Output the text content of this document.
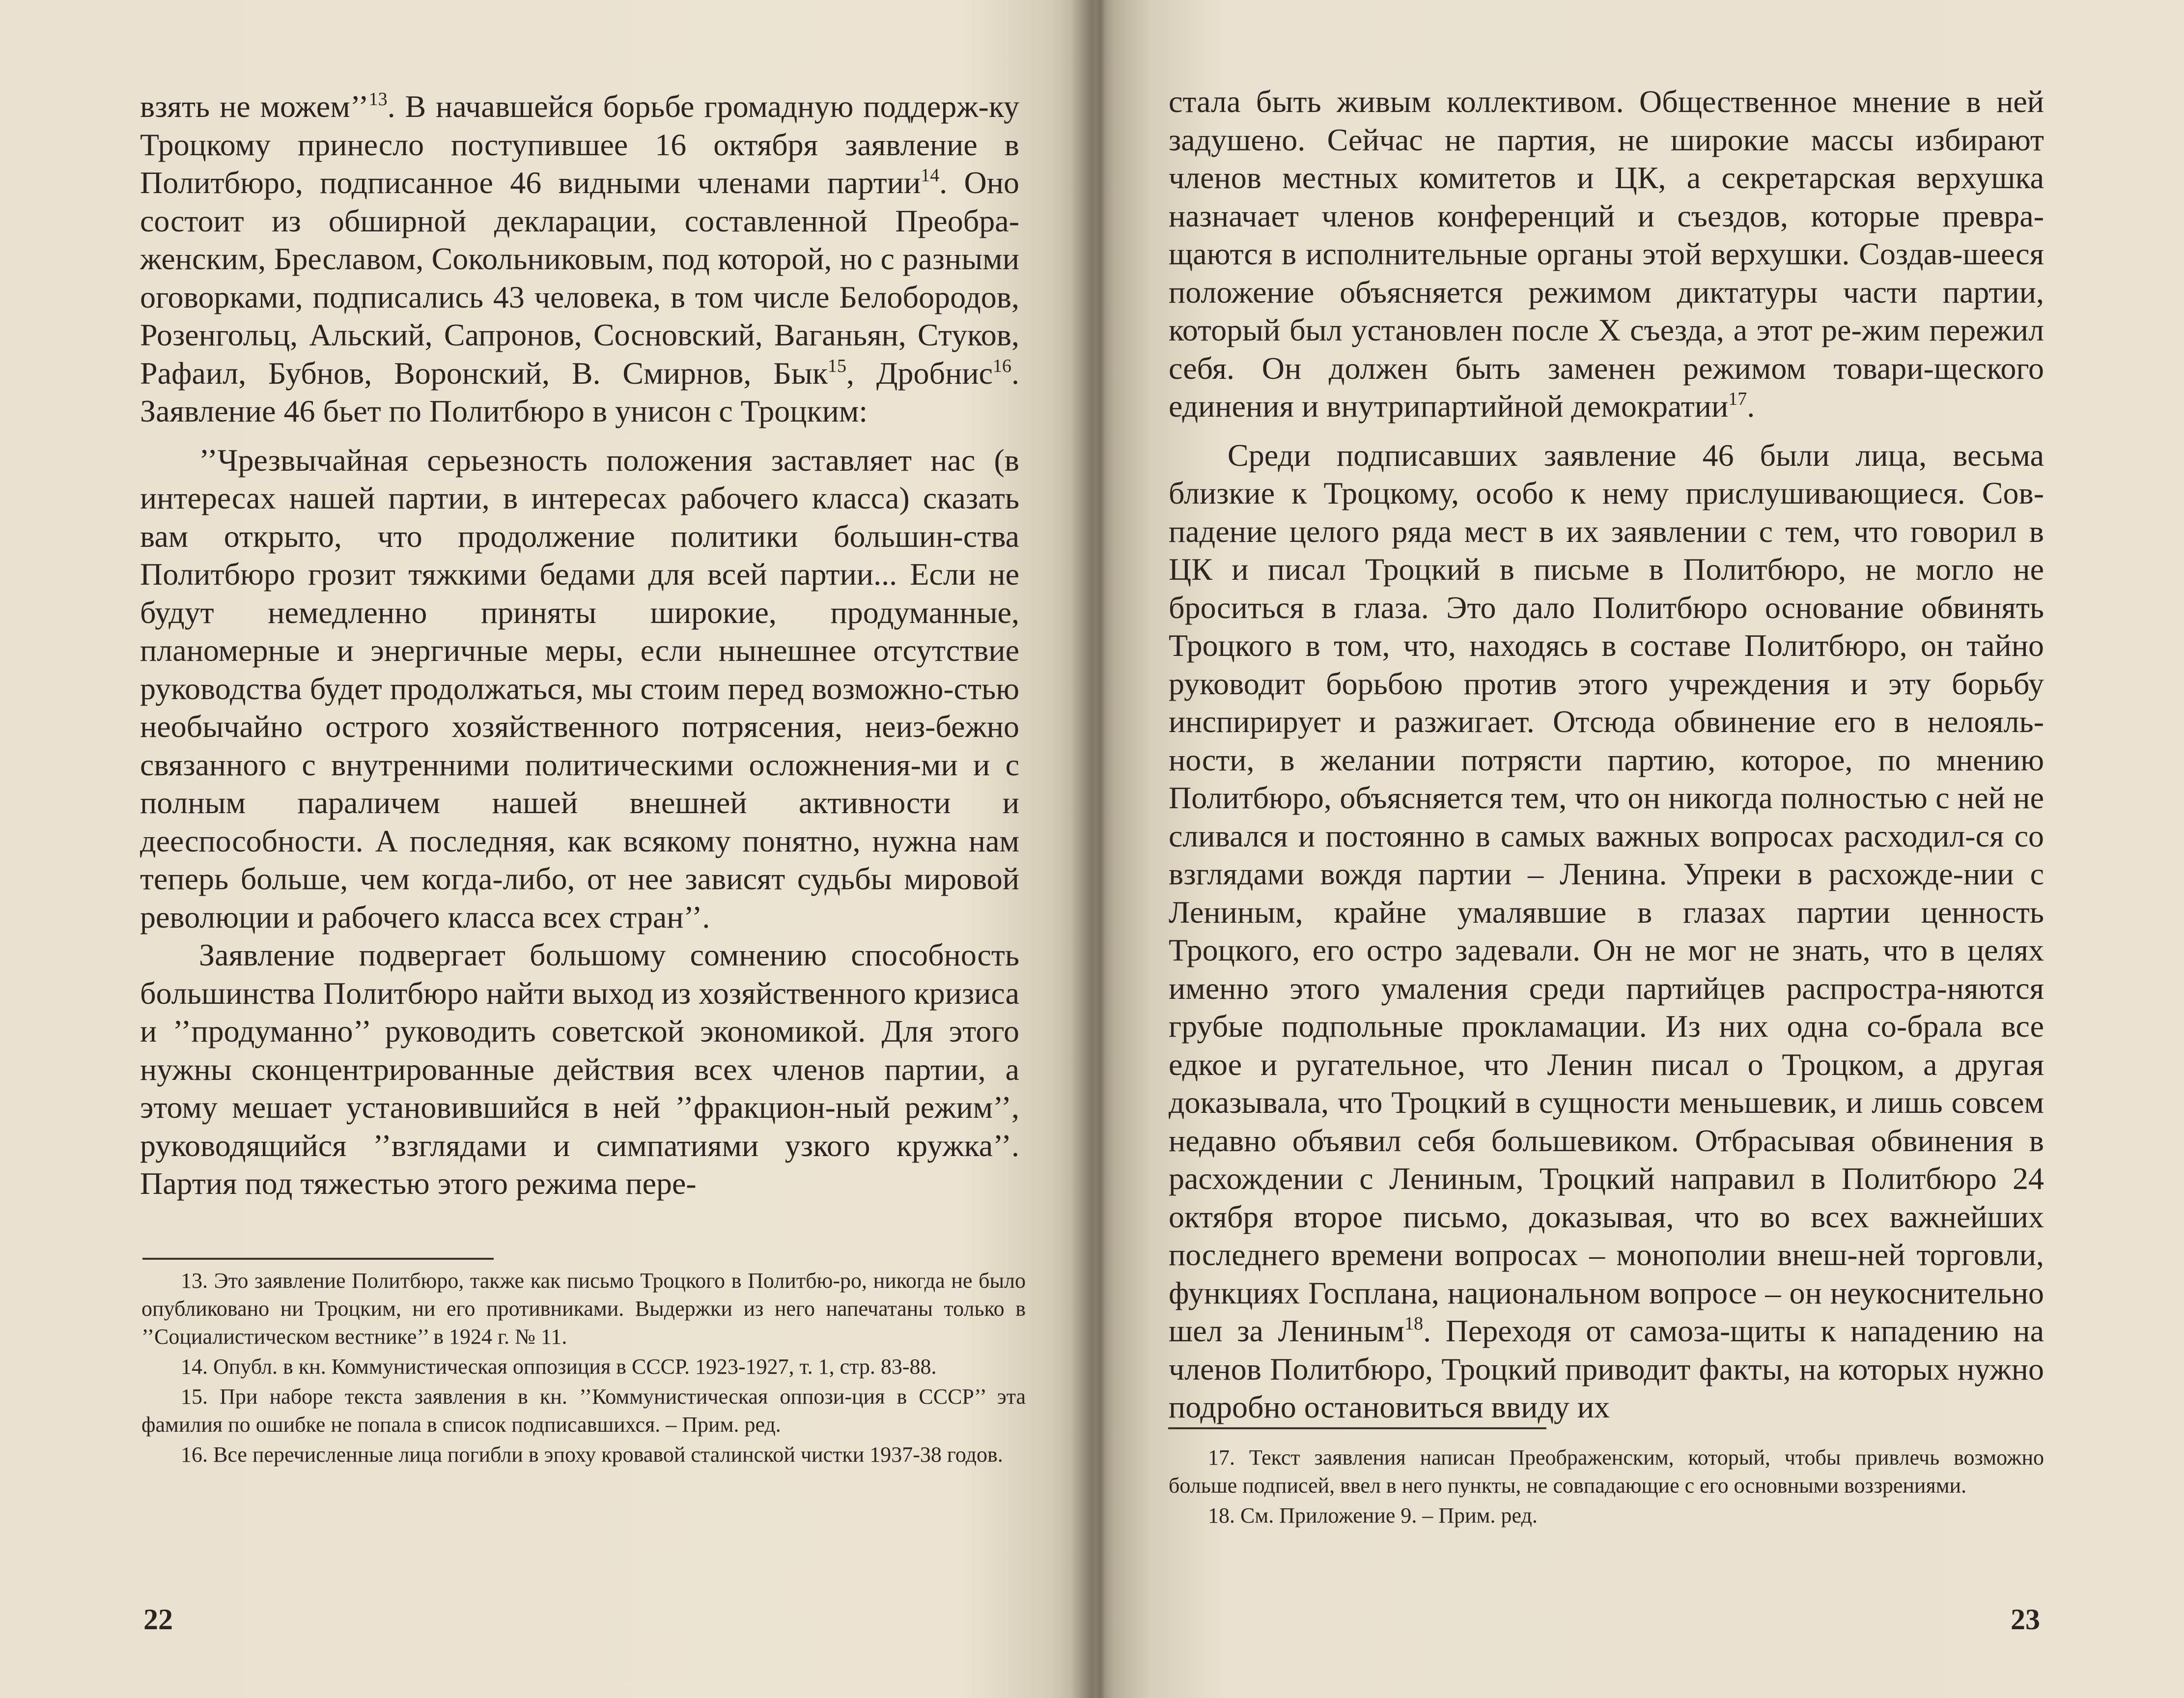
взять не можем’’$^{13}$. В начавшейся борьбе громадную поддерж-ку Троцкому принесло поступившее 16 октября заявление в Политбюро, подписанное 46 видными членами партии$^{14}$. Оно состоит из обширной декларации, составленной Преобра-женским, Бреславом, Сокольниковым, под которой, но с разными оговорками, подписались 43 человека, в том числе Белобородов, Розенгольц, Альский, Сапронов, Сосновский, Ваганьян, Стуков, Рафаил, Бубнов, Воронский, В. Смирнов, Бык$^{15}$, Дробнис$^{16}$. Заявление 46 бьет по Политбюро в унисон с Троцким:

’’Чрезвычайная серьезность положения заставляет нас (в интересах нашей партии, в интересах рабочего класса) сказать вам открыто, что продолжение политики большин-ства Политбюро грозит тяжкими бедами для всей партии... Если не будут немедленно приняты широкие, продуманные, планомерные и энергичные меры, если нынешнее отсутствие руководства будет продолжаться, мы стоим перед возможно-стью необычайно острого хозяйственного потрясения, неиз-бежно связанного с внутренними политическими осложнения-ми и с полным параличем нашей внешней активности и дееспособности. А последняя, как всякому понятно, нужна нам теперь больше, чем когда-либо, от нее зависят судьбы мировой революции и рабочего класса всех стран’’.

Заявление подвергает большому сомнению способность большинства Политбюро найти выход из хозяйственного кризиса и ’’продуманно’’ руководить советской экономикой. Для этого нужны сконцентрированные действия всех членов партии, а этому мешает установившийся в ней ’’фракцион-ный режим’’, руководящийся ’’взглядами и симпатиями узкого кружка’’. Партия под тяжестью этого режима пере-

13. Это заявление Политбюро, также как письмо Троцкого в Политбю-ро, никогда не было опубликовано ни Троцким, ни его противниками. Выдержки из него напечатаны только в ’’Социалистическом вестнике’’ в 1924 г. № 11.

14. Опубл. в кн. Коммунистическая оппозиция в СССР. 1923-1927, т. 1, стр. 83-88.

15. При наборе текста заявления в кн. ’’Коммунистическая оппози-ция в СССР’’ эта фамилия по ошибке не попала в список подписавшихся. – Прим. ред.

16. Все перечисленные лица погибли в эпоху кровавой сталинской чистки 1937-38 годов.

22

стала быть живым коллективом. Общественное мнение в ней задушено. Сейчас не партия, не широкие массы избирают членов местных комитетов и ЦК, а секретарская верхушка назначает членов конференций и съездов, которые превра-щаются в исполнительные органы этой верхушки. Создав-шееся положение объясняется режимом диктатуры части партии, который был установлен после X съезда, а этот ре-жим пережил себя. Он должен быть заменен режимом товари-щеского единения и внутрипартийной демократии$^{17}$.

Среди подписавших заявление 46 были лица, весьма близкие к Троцкому, особо к нему прислушивающиеся. Сов-падение целого ряда мест в их заявлении с тем, что говорил в ЦК и писал Троцкий в письме в Политбюро, не могло не броситься в глаза. Это дало Политбюро основание обвинять Троцкого в том, что, находясь в составе Политбюро, он тайно руководит борьбою против этого учреждения и эту борьбу инспирирует и разжигает. Отсюда обвинение его в нелояль-ности, в желании потрясти партию, которое, по мнению Политбюро, объясняется тем, что он никогда полностью с ней не сливался и постоянно в самых важных вопросах расходил-ся со взглядами вождя партии – Ленина. Упреки в расхожде-нии с Лениным, крайне умалявшие в глазах партии ценность Троцкого, его остро задевали. Он не мог не знать, что в целях именно этого умаления среди партийцев распростра-няются грубые подпольные прокламации. Из них одна со-брала все едкое и ругательное, что Ленин писал о Троцком, а другая доказывала, что Троцкий в сущности меньшевик, и лишь совсем недавно объявил себя большевиком. Отбрасывая обвинения в расхождении с Лениным, Троцкий направил в Политбюро 24 октября второе письмо, доказывая, что во всех важнейших последнего времени вопросах – монополии внеш-ней торговли, функциях Госплана, национальном вопросе – он неукоснительно шел за Лениным$^{18}$. Переходя от самоза-щиты к нападению на членов Политбюро, Троцкий приводит факты, на которых нужно подробно остановиться ввиду их

17. Текст заявления написан Преображенским, который, чтобы привлечь возможно больше подписей, ввел в него пункты, не совпадающие с его основными воззрениями.

18. См. Приложение 9. – Прим. ред.

23
